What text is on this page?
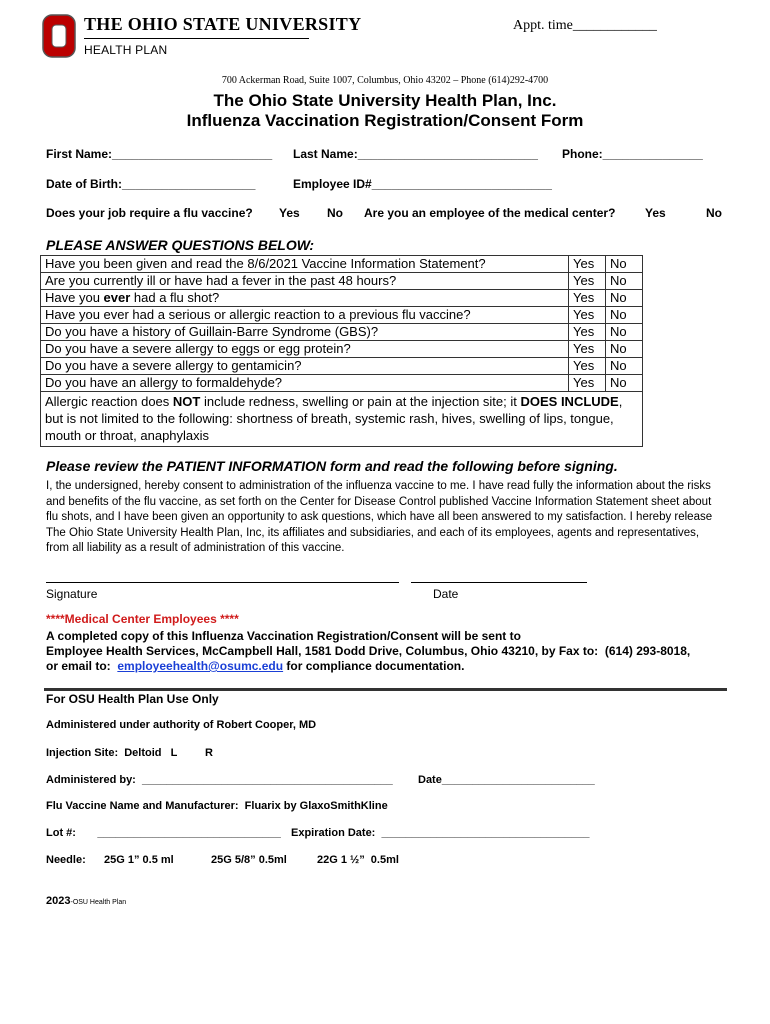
THE OHIO STATE UNIVERSITY
HEALTH PLAN
Appt. time____________
700 Ackerman Road, Suite 1007, Columbus, Ohio 43202 – Phone (614)292-4700
The Ohio State University Health Plan, Inc.
Influenza Vaccination Registration/Consent Form
First Name:________________________ Last Name:___________________________ Phone:_______________
Date of Birth:____________________	Employee ID#___________________________
Does your job require a flu vaccine? Yes No Are you an employee of the medical center? Yes	No
PLEASE ANSWER QUESTIONS BELOW:
Have you been given and read the 8/6/2021 Vaccine Information Statement?	Yes	No
Are you currently ill or have had a fever in the past 48 hours?	Yes	No
Have you ever had a flu shot?	Yes	No
Have you ever had a serious or allergic reaction to a previous flu vaccine?	Yes	No
Do you have a history of Guillain-Barre Syndrome (GBS)?	Yes	No
Do you have a severe allergy to eggs or egg protein?	Yes	No
Do you have a severe allergy to gentamicin?	Yes	No
Do you have an allergy to formaldehyde?	Yes	No
Allergic reaction does NOT include redness, swelling or pain at the injection site; it DOES INCLUDE, but is not limited to the following: shortness of breath, systemic rash, hives, swelling of lips, tongue, mouth or throat, anaphylaxis		
Please review the PATIENT INFORMATION form and read the following before signing.
I, the undersigned, hereby consent to administration of the influenza vaccine to me. I have read fully the information about the risks and benefits of the flu vaccine, as set forth on the Center for Disease Control published Vaccine Information Statement sheet about flu shots, and I have been given an opportunity to ask questions, which have all been answered to my satisfaction. I hereby release The Ohio State University Health Plan, Inc, its affiliates and subsidiaries, and each of its employees, agents and representatives, from all liability as a result of administration of this vaccine.
Signature	Date
****Medical Center Employees ****
A completed copy of this Influenza Vaccination Registration/Consent will be sent to
Employee Health Services, McCampbell Hall, 1581 Dodd Drive, Columbus, Ohio 43210, by Fax to:  (614) 293-8018,
or email to:  employeehealth@osumc.edu for compliance documentation.
For OSU Health Plan Use Only
Administered under authority of Robert Cooper, MD
Injection Site:  Deltoid   L	R
Administered by:  _________________________________________ Date_________________________
Flu Vaccine Name and Manufacturer:  Fluarix by GlaxoSmithKline
Lot #:       ______________________________ Expiration Date:  __________________________________
Needle: 25G 1” 0.5 ml	25G 5/8” 0.5ml	22G 1 ½”  0.5ml
2023-OSU Health Plan
